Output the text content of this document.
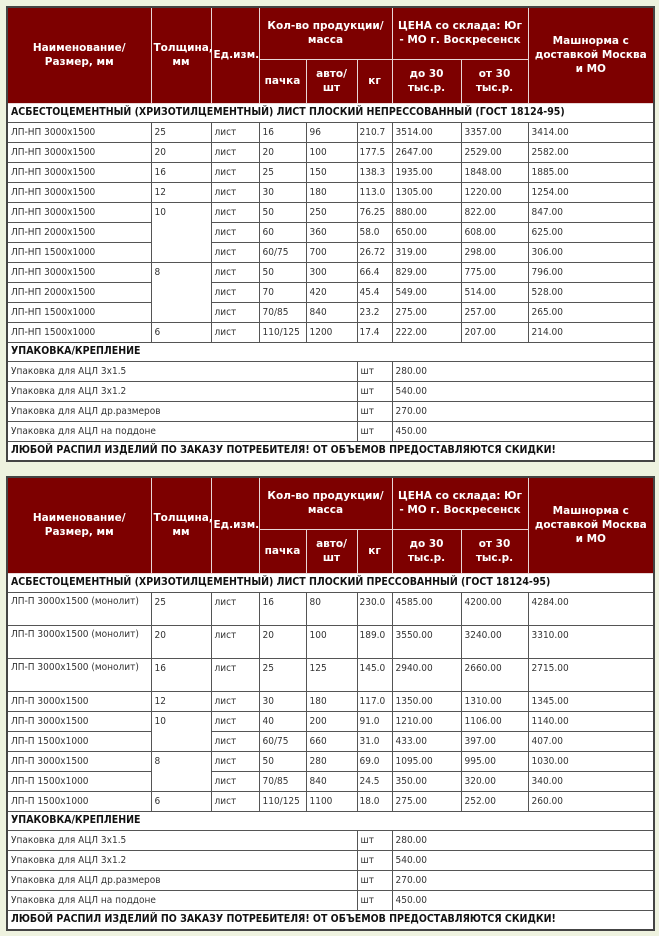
Наименование/Размер, мм	Толщина, мм	Ед.изм.	Кол-во продукции/масса			ЦЕНА со склада: Юг - МО г. Воскресенск		Машнорма с доставкой Москва и МО
			пачка	авто/шт	кг	до 30 тыс.р.	от 30 тыс.р.	
АСБЕСТОЦЕМЕНТНЫЙ (ХРИЗОТИЛЦЕМЕНТНЫЙ) ЛИСТ ПЛОСКИЙ НЕПРЕССОВАННЫЙ (ГОСТ 18124-95)								
ЛП-НП 3000x1500	25	лист	16	96	210.7	3514.00	3357.00	3414.00
ЛП-НП 3000x1500	20	лист	20	100	177.5	2647.00	2529.00	2582.00
ЛП-НП 3000x1500	16	лист	25	150	138.3	1935.00	1848.00	1885.00
ЛП-НП 3000x1500	12	лист	30	180	113.0	1305.00	1220.00	1254.00
ЛП-НП 3000x1500	10	лист	50	250	76.25	880.00	822.00	847.00
ЛП-НП 2000x1500		лист	60	360	58.0	650.00	608.00	625.00
ЛП-НП 1500x1000		лист	60/75	700	26.72	319.00	298.00	306.00
ЛП-НП 3000x1500	8	лист	50	300	66.4	829.00	775.00	796.00
ЛП-НП 2000x1500		лист	70	420	45.4	549.00	514.00	528.00
ЛП-НП 1500x1000		лист	70/85	840	23.2	275.00	257.00	265.00
ЛП-НП 1500x1000	6	лист	110/125	1200	17.4	222.00	207.00	214.00
УПАКОВКА/КРЕПЛЕНИЕ								
Упаковка для АЦЛ 3x1.5					шт	280.00		
Упаковка для АЦЛ 3x1.2					шт	540.00		
Упаковка для АЦЛ др.размеров					шт	270.00		
Упаковка для АЦЛ на поддоне					шт	450.00		
ЛЮБОЙ РАСПИЛ ИЗДЕЛИЙ ПО ЗАКАЗУ ПОТРЕБИТЕЛЯ! ОТ ОБЪЕМОВ ПРЕДОСТАВЛЯЮТСЯ СКИДКИ!								
Наименование/Размер, мм	Толщина, мм	Ед.изм.	Кол-во продукции/масса			ЦЕНА со склада: Юг - МО г. Воскресенск		Машнорма с доставкой Москва и МО
			пачка	авто/шт	кг	до 30 тыс.р.	от 30 тыс.р.	
АСБЕСТОЦЕМЕНТНЫЙ (ХРИЗОТИЛЦЕМЕНТНЫЙ) ЛИСТ ПЛОСКИЙ ПРЕССОВАННЫЙ (ГОСТ 18124-95)								
ЛП-П 3000x1500 (монолит)	25	лист	16	80	230.0	4585.00	4200.00	4284.00
ЛП-П 3000x1500 (монолит)	20	лист	20	100	189.0	3550.00	3240.00	3310.00
ЛП-П 3000x1500 (монолит)	16	лист	25	125	145.0	2940.00	2660.00	2715.00
ЛП-П 3000x1500	12	лист	30	180	117.0	1350.00	1310.00	1345.00
ЛП-П 3000x1500	10	лист	40	200	91.0	1210.00	1106.00	1140.00
ЛП-П 1500x1000		лист	60/75	660	31.0	433.00	397.00	407.00
ЛП-П 3000x1500	8	лист	50	280	69.0	1095.00	995.00	1030.00
ЛП-П 1500x1000		лист	70/85	840	24.5	350.00	320.00	340.00
ЛП-П 1500x1000	6	лист	110/125	1100	18.0	275.00	252.00	260.00
УПАКОВКА/КРЕПЛЕНИЕ								
Упаковка для АЦЛ 3x1.5					шт	280.00		
Упаковка для АЦЛ 3x1.2					шт	540.00		
Упаковка для АЦЛ др.размеров					шт	270.00		
Упаковка для АЦЛ на поддоне					шт	450.00		
ЛЮБОЙ РАСПИЛ ИЗДЕЛИЙ ПО ЗАКАЗУ ПОТРЕБИТЕЛЯ! ОТ ОБЪЕМОВ ПРЕДОСТАВЛЯЮТСЯ СКИДКИ!								
